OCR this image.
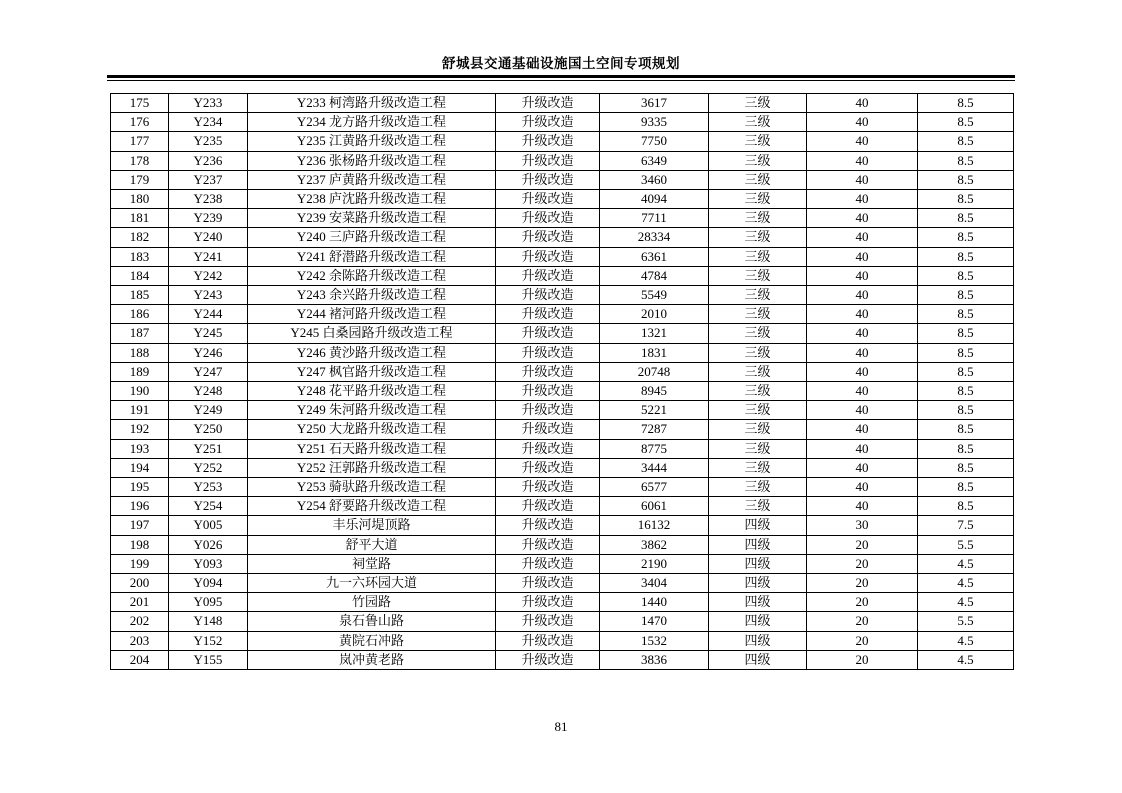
舒城县交通基础设施国土空间专项规划
175	Y233	Y233 柯湾路升级改造工程	升级改造	3617	三级	40	8.5
176	Y234	Y234 龙方路升级改造工程	升级改造	9335	三级	40	8.5
177	Y235	Y235 江黄路升级改造工程	升级改造	7750	三级	40	8.5
178	Y236	Y236 张杨路升级改造工程	升级改造	6349	三级	40	8.5
179	Y237	Y237 庐黄路升级改造工程	升级改造	3460	三级	40	8.5
180	Y238	Y238 庐沈路升级改造工程	升级改造	4094	三级	40	8.5
181	Y239	Y239 安菜路升级改造工程	升级改造	7711	三级	40	8.5
182	Y240	Y240 三庐路升级改造工程	升级改造	28334	三级	40	8.5
183	Y241	Y241 舒潜路升级改造工程	升级改造	6361	三级	40	8.5
184	Y242	Y242 余陈路升级改造工程	升级改造	4784	三级	40	8.5
185	Y243	Y243 余兴路升级改造工程	升级改造	5549	三级	40	8.5
186	Y244	Y244 褚河路升级改造工程	升级改造	2010	三级	40	8.5
187	Y245	Y245 白桑园路升级改造工程	升级改造	1321	三级	40	8.5
188	Y246	Y246 黄沙路升级改造工程	升级改造	1831	三级	40	8.5
189	Y247	Y247 枫官路升级改造工程	升级改造	20748	三级	40	8.5
190	Y248	Y248 花平路升级改造工程	升级改造	8945	三级	40	8.5
191	Y249	Y249 朱河路升级改造工程	升级改造	5221	三级	40	8.5
192	Y250	Y250 大龙路升级改造工程	升级改造	7287	三级	40	8.5
193	Y251	Y251 石天路升级改造工程	升级改造	8775	三级	40	8.5
194	Y252	Y252 汪郭路升级改造工程	升级改造	3444	三级	40	8.5
195	Y253	Y253 骑驮路升级改造工程	升级改造	6577	三级	40	8.5
196	Y254	Y254 舒要路升级改造工程	升级改造	6061	三级	40	8.5
197	Y005	丰乐河堤顶路	升级改造	16132	四级	30	7.5
198	Y026	舒平大道	升级改造	3862	四级	20	5.5
199	Y093	祠堂路	升级改造	2190	四级	20	4.5
200	Y094	九一六环园大道	升级改造	3404	四级	20	4.5
201	Y095	竹园路	升级改造	1440	四级	20	4.5
202	Y148	泉石鲁山路	升级改造	1470	四级	20	5.5
203	Y152	黄院石冲路	升级改造	1532	四级	20	4.5
204	Y155	岚冲黄老路	升级改造	3836	四级	20	4.5
81
